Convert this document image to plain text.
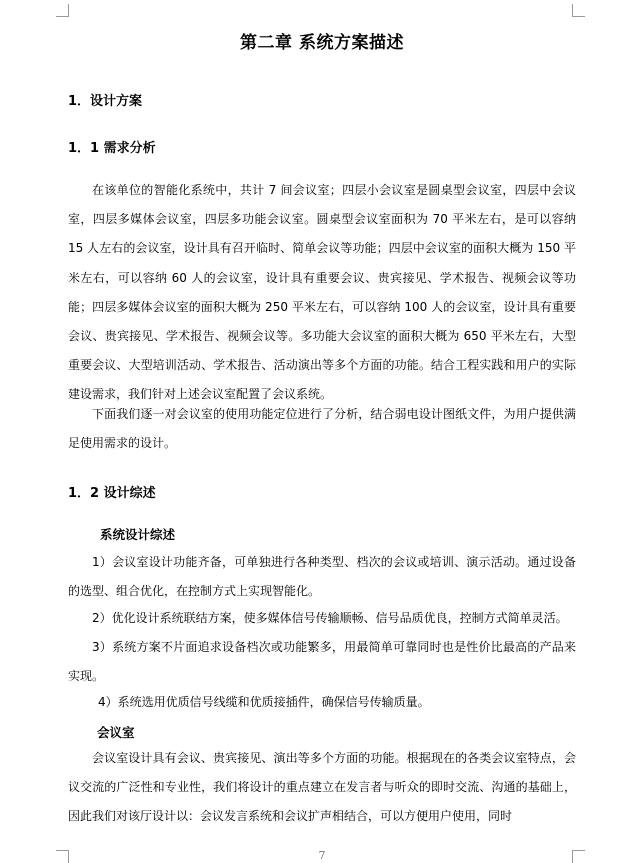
第二章 系统方案描述
1．设计方案
1．1 需求分析

在该单位的智能化系统中，共计 7 间会议室；四层小会议室是圆桌型会议室，四层中会议室，四层多媒体会议室，四层多功能会议室。圆桌型会议室面积为 70 平米左右，是可以容纳 15 人左右的会议室，设计具有召开临时、简单会议等功能；四层中会议室的面积大概为 150 平米左右，可以容纳 60 人的会议室，设计具有重要会议、贵宾接见、学术报告、视频会议等功能；四层多媒体会议室的面积大概为 250 平米左右，可以容纳 100 人的会议室，设计具有重要会议、贵宾接见、学术报告、视频会议等。多功能大会议室的面积大概为 650 平米左右，大型重要会议、大型培训活动、学术报告、活动演出等多个方面的功能。结合工程实践和用户的实际建设需求，我们针对上述会议室配置了会议系统。

下面我们逐一对会议室的使用功能定位进行了分析，结合弱电设计图纸文件，为用户提供满足使用需求的设计。

1．2 设计综述
系统设计综述

1）会议室设计功能齐备，可单独进行各种类型、档次的会议或培训、演示活动。通过设备的选型、组合优化，在控制方式上实现智能化。

2）优化设计系统联结方案，使多媒体信号传输顺畅、信号品质优良，控制方式简单灵活。

3）系统方案不片面追求设备档次或功能繁多，用最简单可靠同时也是性价比最高的产品来实现。

4）系统选用优质信号线缆和优质接插件，确保信号传输质量。

会议室

会议室设计具有会议、贵宾接见、演出等多个方面的功能。根据现在的各类会议室特点，会议交流的广泛性和专业性，我们将设计的重点建立在发言者与听众的即时交流、沟通的基础上，因此我们对该厅设计以：会议发言系统和会议扩声相结合，可以方便用户使用，同时

7
